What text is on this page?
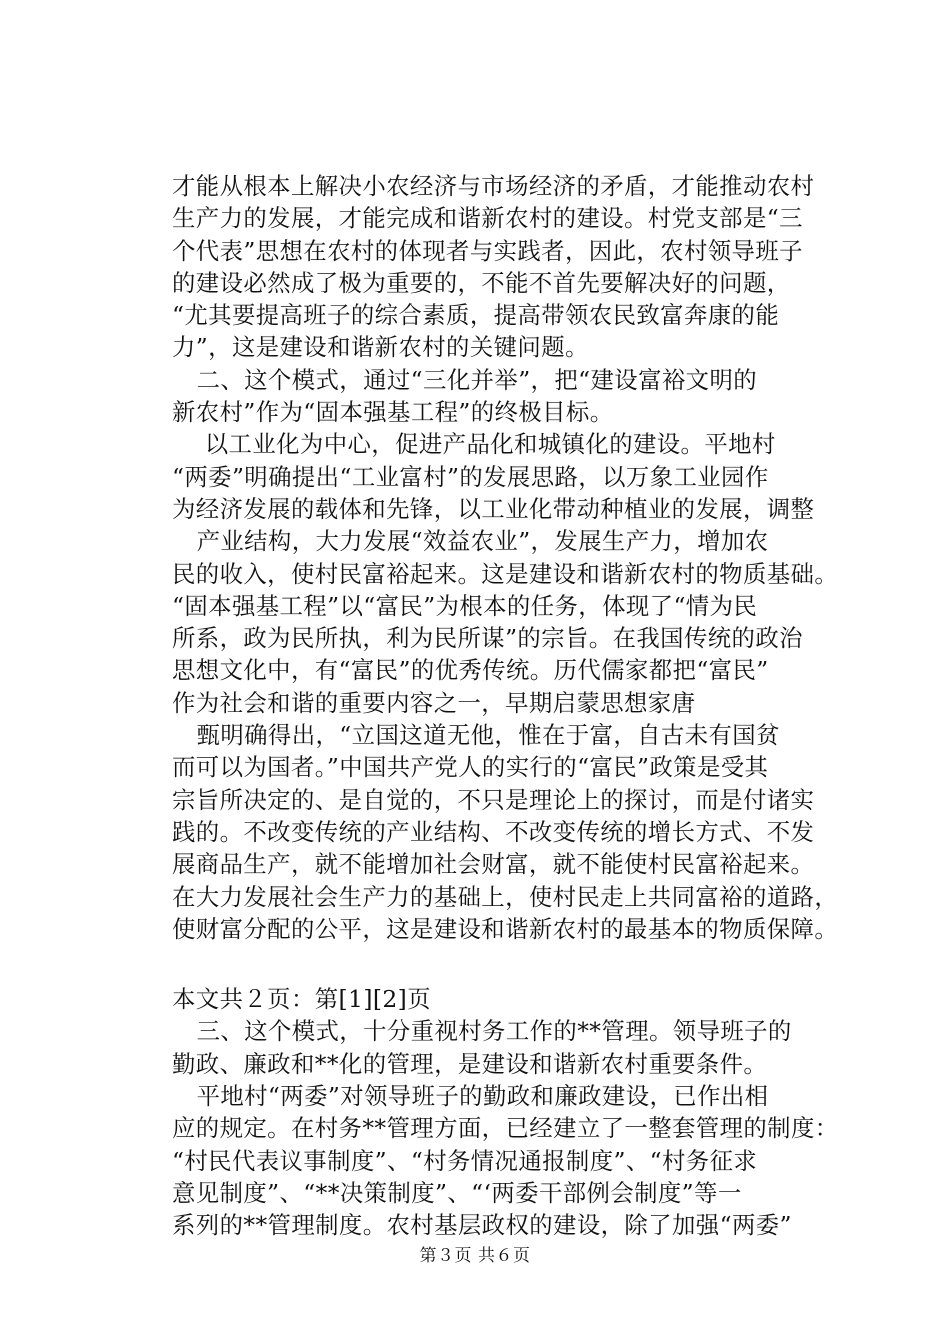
才能从根本上解决小农经济与市场经济的矛盾，才能推动农村
生产力的发展，才能完成和谐新农村的建设。村党支部是“三
个代表”思想在农村的体现者与实践者，因此，农村领导班子
的建设必然成了极为重要的，不能不首先要解决好的问题，
“尤其要提高班子的综合素质，提高带领农民致富奔康的能
力”，这是建设和谐新农村的关键问题。
二、这个模式，通过“三化并举”，把“建设富裕文明的
新农村”作为“固本强基工程”的终极目标。
以工业化为中心，促进产品化和城镇化的建设。平地村
“两委”明确提出“工业富村”的发展思路，以万象工业园作
为经济发展的载体和先锋，以工业化带动种植业的发展，调整
产业结构，大力发展“效益农业”，发展生产力，增加农
民的收入，使村民富裕起来。这是建设和谐新农村的物质基础。
“固本强基工程”以“富民”为根本的任务，体现了“情为民
所系，政为民所执，利为民所谋”的宗旨。在我国传统的政治
思想文化中，有“富民”的优秀传统。历代儒家都把“富民”
作为社会和谐的重要内容之一，早期启蒙思想家唐
甄明确得出，“立国这道无他，惟在于富，自古未有国贫
而可以为国者。”中国共产党人的实行的“富民”政策是受其
宗旨所决定的、是自觉的，不只是理论上的探讨，而是付诸实
践的。不改变传统的产业结构、不改变传统的增长方式、不发
展商品生产，就不能增加社会财富，就不能使村民富裕起来。
在大力发展社会生产力的基础上，使村民走上共同富裕的道路，
使财富分配的公平，这是建设和谐新农村的最基本的物质保障。
本文共２页：第[1][2]页
三、这个模式，十分重视村务工作的**管理。领导班子的
勤政、廉政和**化的管理，是建设和谐新农村重要条件。
平地村“两委”对领导班子的勤政和廉政建设，已作出相
应的规定。在村务**管理方面，已经建立了一整套管理的制度：
“村民代表议事制度”、“村务情况通报制度”、“村务征求
意见制度”、“**决策制度”、“‘两委干部例会制度”等一
系列的**管理制度。农村基层政权的建设，除了加强“两委”
第３页 共６页
